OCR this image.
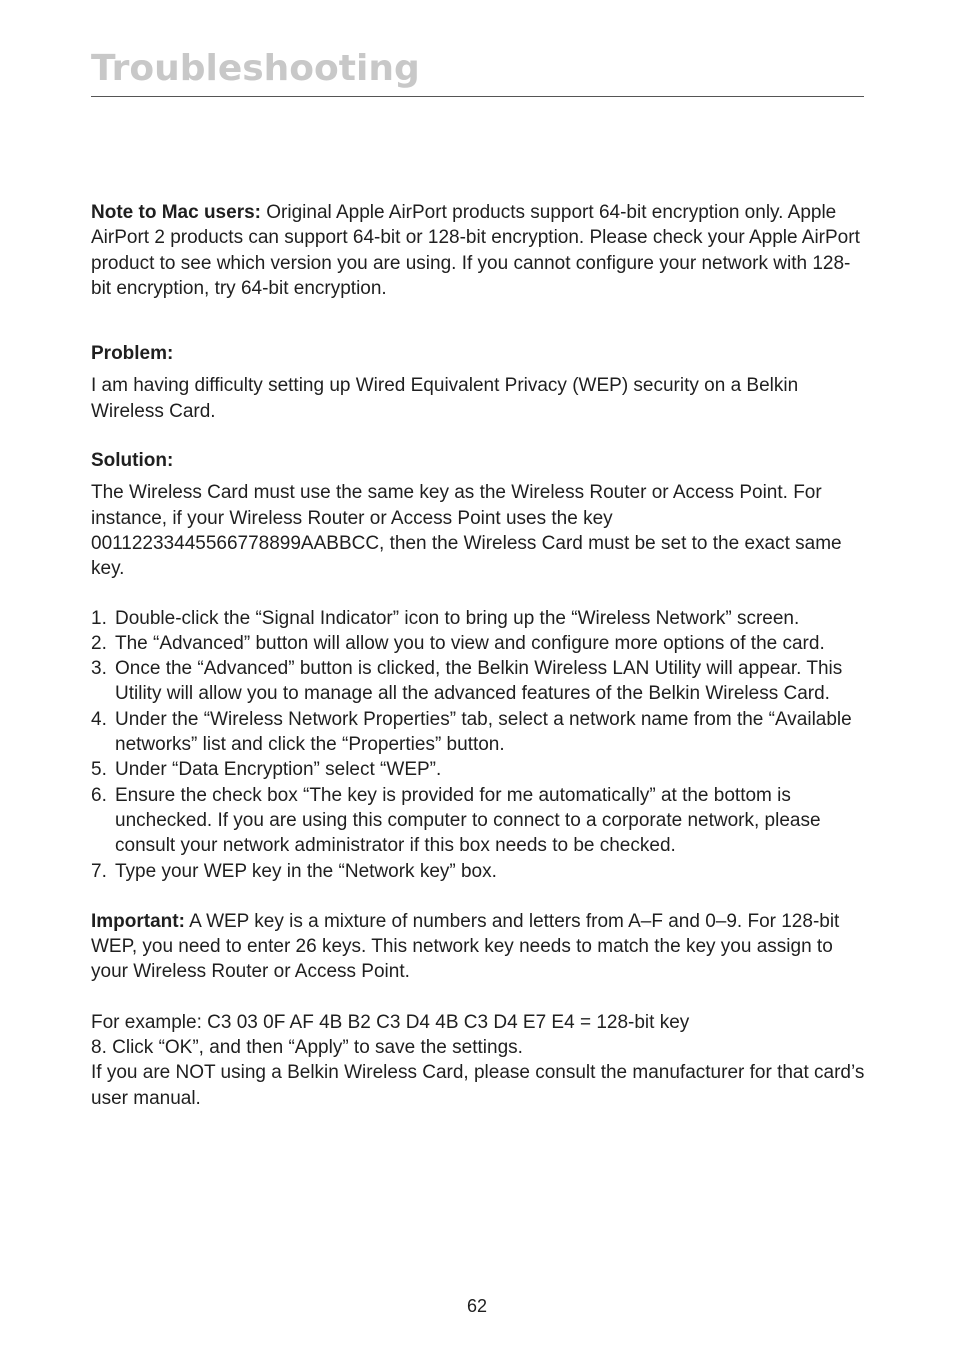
Troubleshooting

Note to Mac users: Original Apple AirPort products support 64-bit encryption only. Apple AirPort 2 products can support 64-bit or 128-bit encryption. Please check your Apple AirPort product to see which version you are using. If you cannot configure your network with 128-bit encryption, try 64-bit encryption.

Problem:

I am having difficulty setting up Wired Equivalent Privacy (WEP) security on a Belkin Wireless Card.

Solution:

The Wireless Card must use the same key as the Wireless Router or Access Point. For instance, if your Wireless Router or Access Point uses the key 00112233445566778899AABBCC, then the Wireless Card must be set to the exact same key.

1. Double-click the “Signal Indicator” icon to bring up the “Wireless Network” screen.
2. The “Advanced” button will allow you to view and configure more options of the card.
3. Once the “Advanced” button is clicked, the Belkin Wireless LAN Utility will appear. This Utility will allow you to manage all the advanced features of the Belkin Wireless Card.
4. Under the “Wireless Network Properties” tab, select a network name from the “Available networks” list and click the “Properties” button.
5. Under “Data Encryption” select “WEP”.
6. Ensure the check box “The key is provided for me automatically” at the bottom is unchecked. If you are using this computer to connect to a corporate network, please consult your network administrator if this box needs to be checked.
7. Type your WEP key in the “Network key” box.

Important: A WEP key is a mixture of numbers and letters from A–F and 0–9. For 128-bit WEP, you need to enter 26 keys. This network key needs to match the key you assign to your Wireless Router or Access Point.

For example: C3 03 0F AF 4B B2 C3 D4 4B C3 D4 E7 E4 = 128-bit key

8. Click “OK”, and then “Apply” to save the settings.

If you are NOT using a Belkin Wireless Card, please consult the manufacturer for that card’s user manual.

62
